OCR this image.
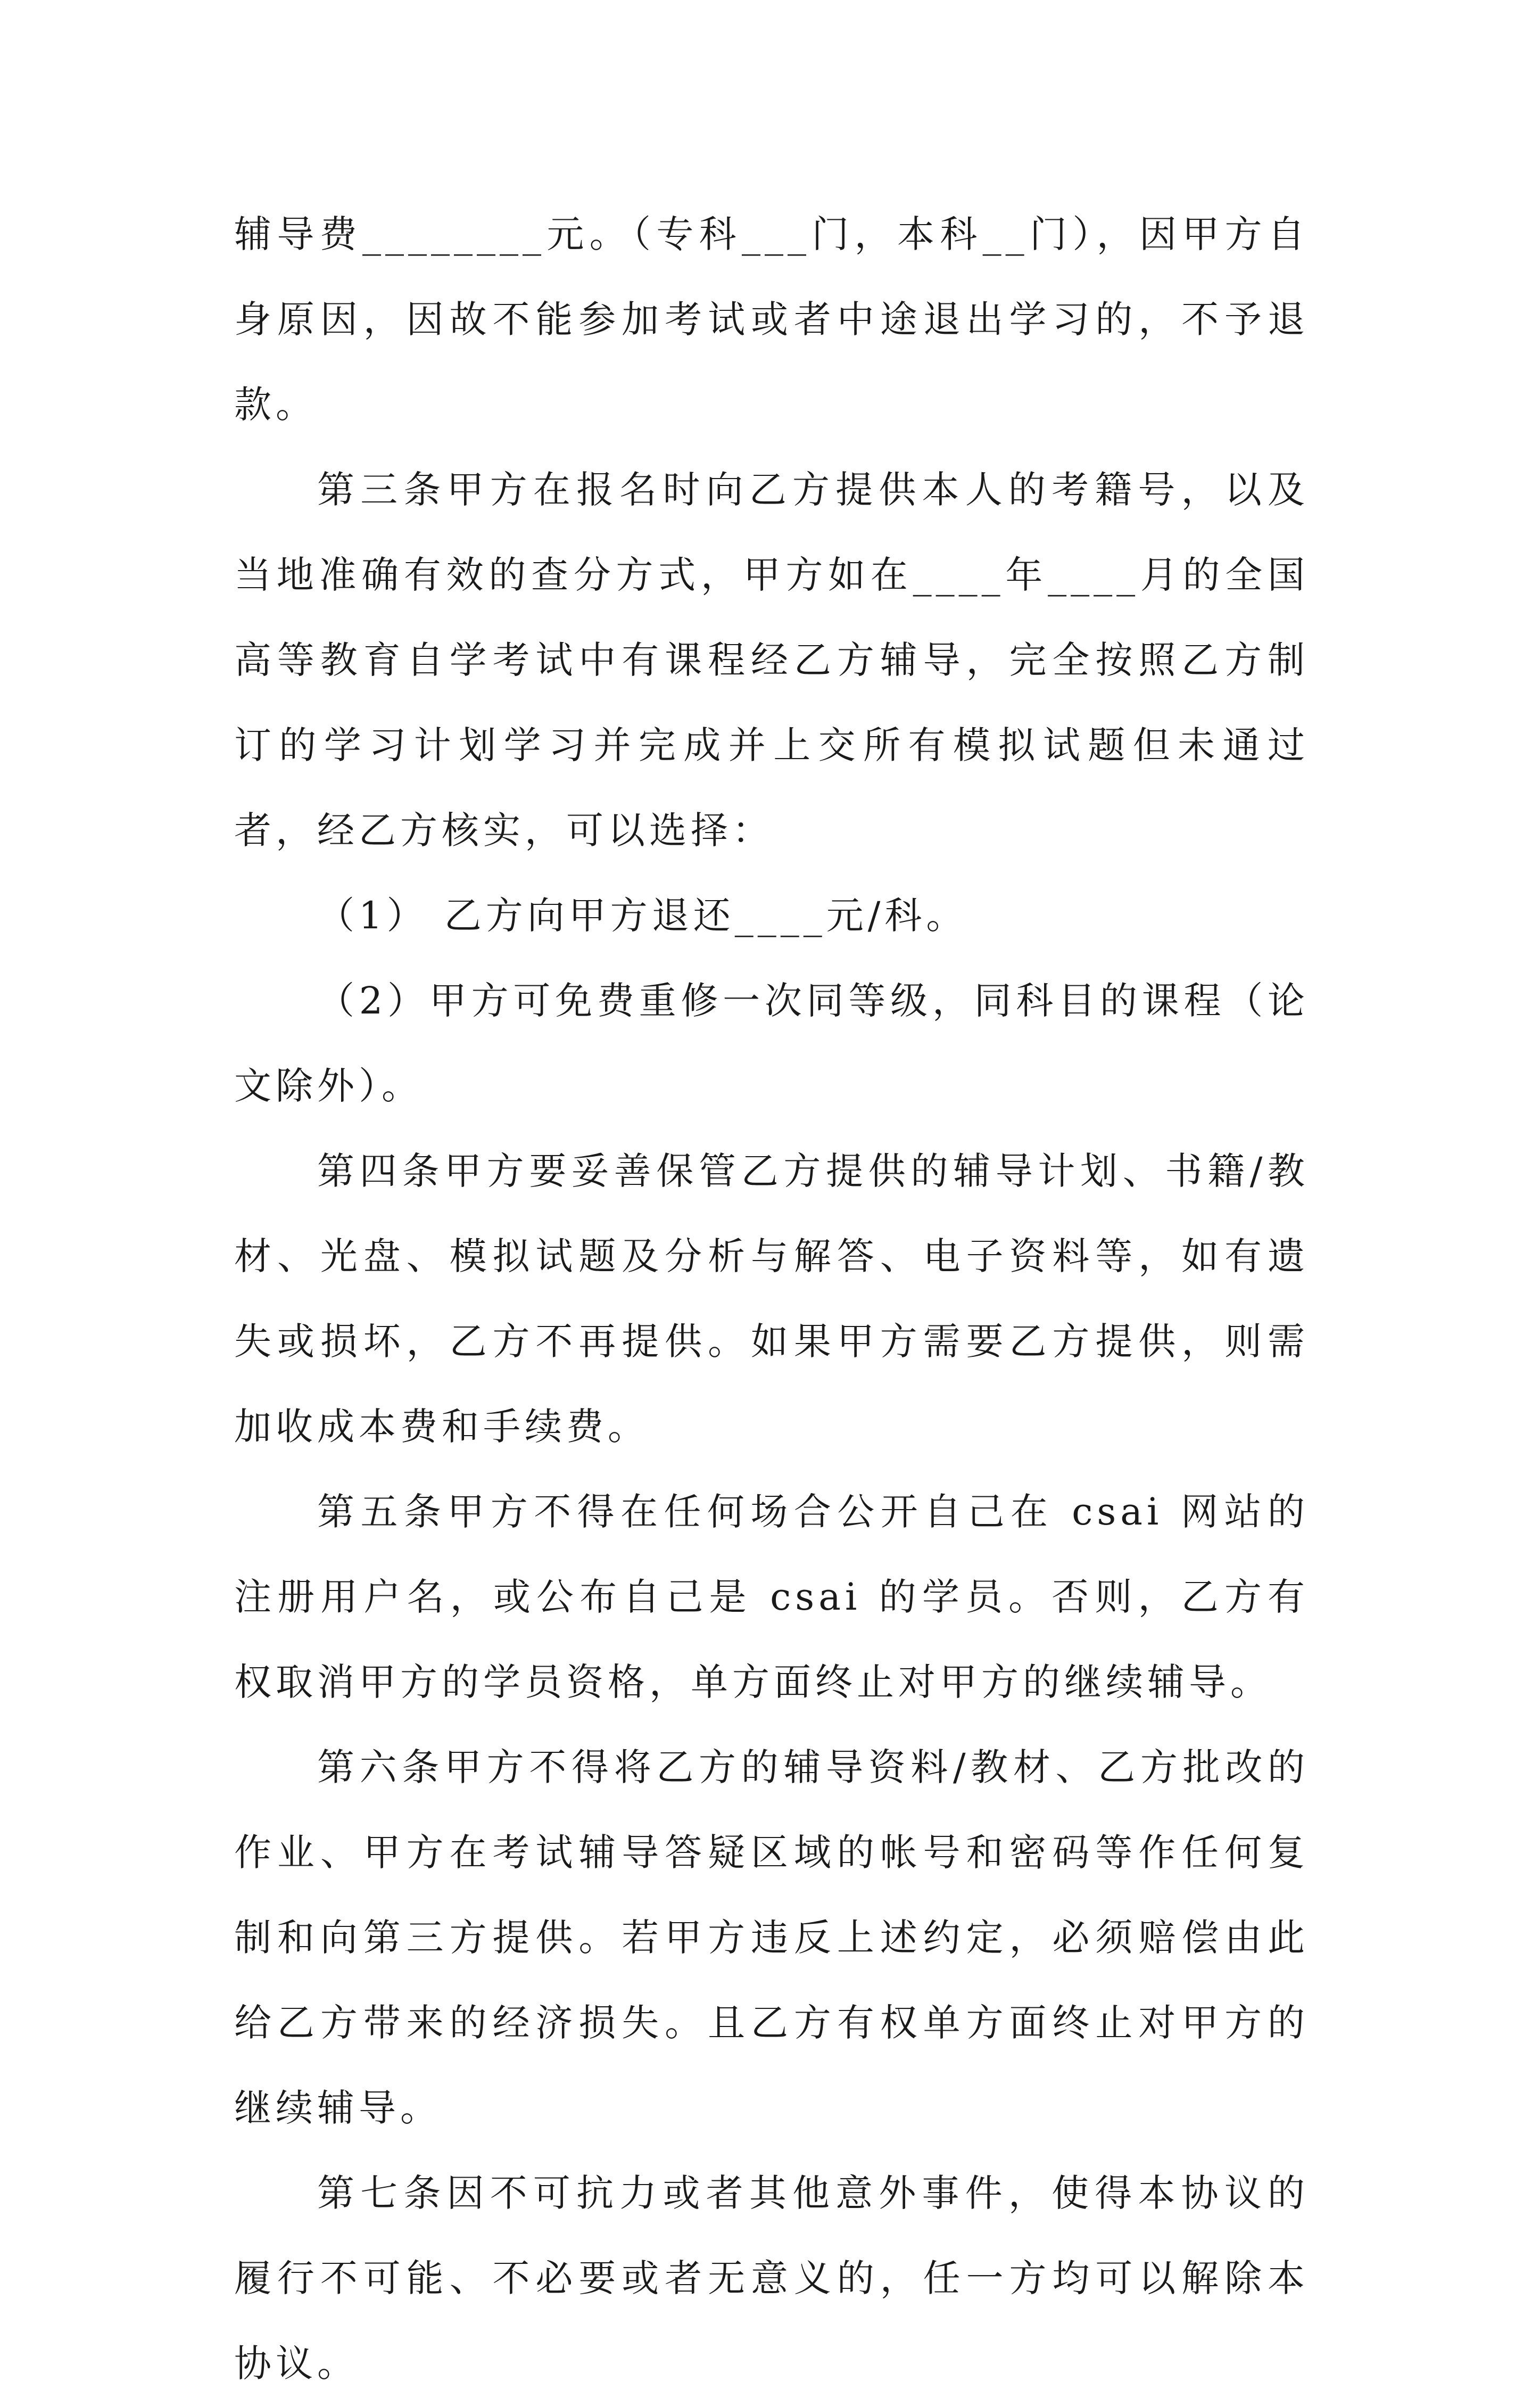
辅导费________元。（专科___门，本科__门），因甲方自身原因，因故不能参加考试或者中途退出学习的，不予退款。

第三条甲方在报名时向乙方提供本人的考籍号，以及当地准确有效的查分方式，甲方如在____年____月的全国高等教育自学考试中有课程经乙方辅导，完全按照乙方制订的学习计划学习并完成并上交所有模拟试题但未通过者，经乙方核实，可以选择：

（1） 乙方向甲方退还____元/科。

（2）甲方可免费重修一次同等级，同科目的课程（论文除外）。

第四条甲方要妥善保管乙方提供的辅导计划、书籍/教材、光盘、模拟试题及分析与解答、电子资料等，如有遗失或损坏，乙方不再提供。如果甲方需要乙方提供，则需加收成本费和手续费。

第五条甲方不得在任何场合公开自己在 csai 网站的注册用户名，或公布自己是 csai 的学员。否则，乙方有权取消甲方的学员资格，单方面终止对甲方的继续辅导。

第六条甲方不得将乙方的辅导资料/教材、乙方批改的作业、甲方在考试辅导答疑区域的帐号和密码等作任何复制和向第三方提供。若甲方违反上述约定，必须赔偿由此给乙方带来的经济损失。且乙方有权单方面终止对甲方的继续辅导。

第七条因不可抗力或者其他意外事件，使得本协议的履行不可能、不必要或者无意义的，任一方均可以解除本协议。
